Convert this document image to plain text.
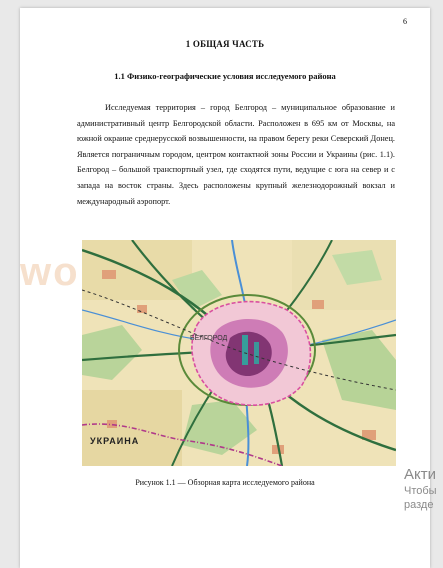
6
1 ОБЩАЯ ЧАСТЬ
1.1 Физико-географические условия исследуемого района
Исследуемая территория – город Белгород – муниципальное образование и административный центр Белгородской области. Расположен в 695 км от Москвы, на южной окраине среднерусской возвышенности, на правом берегу реки Северский Донец. Является пограничным городом, центром контактной зоны России и Украины (рис. 1.1). Белгород – большой транспортный узел, где сходятся пути, ведущие с юга на север и с запада на восток страны. Здесь расположены крупный железнодорожный вокзал и международный аэропорт.
БЕЛГОРОД
УКРАИНА
Рисунок 1.1 — Обзорная карта исследуемого района
wo
Акти
Чтобы
разде
